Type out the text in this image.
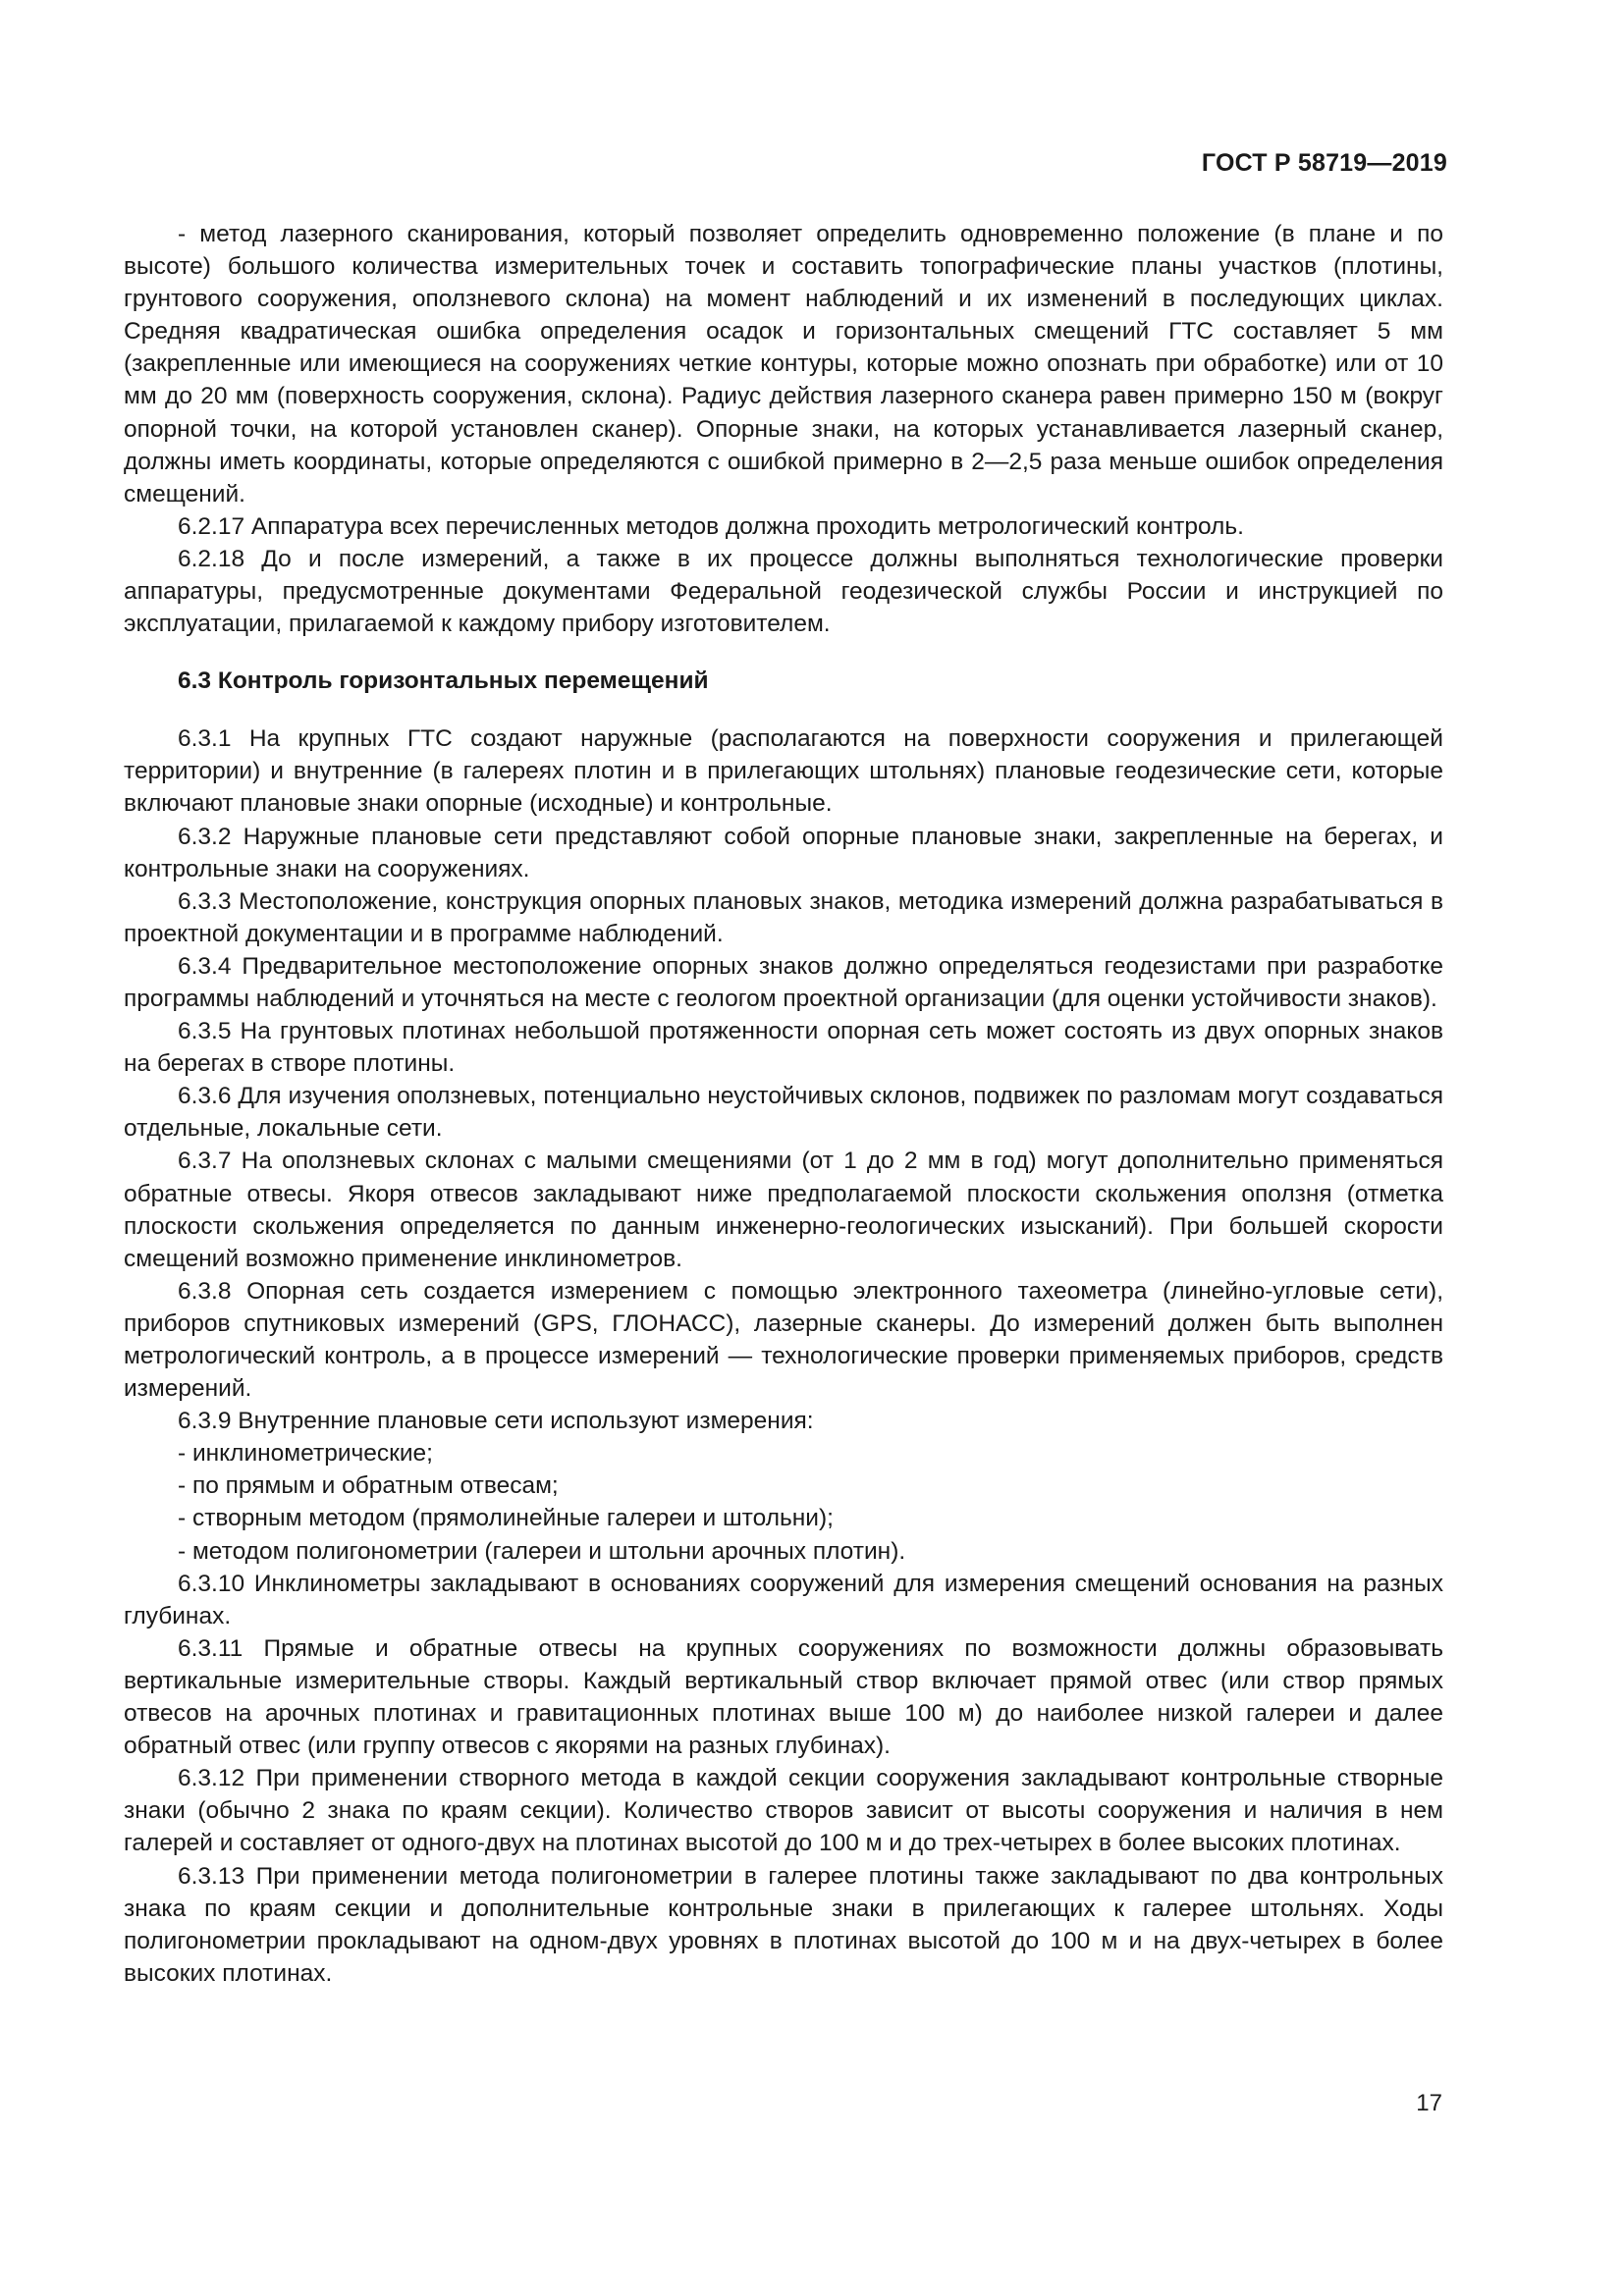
ГОСТ Р 58719—2019

- метод лазерного сканирования, который позволяет определить одновременно положение (в плане и по высоте) большого количества измерительных точек и составить топографические планы участков (плотины, грунтового сооружения, оползневого склона) на момент наблюдений и их изменений в последующих циклах. Средняя квадратическая ошибка определения осадок и горизонтальных смещений ГТС составляет 5 мм (закрепленные или имеющиеся на сооружениях четкие контуры, которые можно опознать при обработке) или от 10 мм до 20 мм (поверхность сооружения, склона). Радиус действия лазерного сканера равен примерно 150 м (вокруг опорной точки, на которой установлен сканер). Опорные знаки, на которых устанавливается лазерный сканер, должны иметь координаты, которые определяются с ошибкой примерно в 2—2,5 раза меньше ошибок определения смещений.

6.2.17 Аппаратура всех перечисленных методов должна проходить метрологический контроль.

6.2.18 До и после измерений, а также в их процессе должны выполняться технологические проверки аппаратуры, предусмотренные документами Федеральной геодезической службы России и инструкцией по эксплуатации, прилагаемой к каждому прибору изготовителем.

6.3 Контроль горизонтальных перемещений

6.3.1 На крупных ГТС создают наружные (располагаются на поверхности сооружения и прилегающей территории) и внутренние (в галереях плотин и в прилегающих штольнях) плановые геодезические сети, которые включают плановые знаки опорные (исходные) и контрольные.

6.3.2 Наружные плановые сети представляют собой опорные плановые знаки, закрепленные на берегах, и контрольные знаки на сооружениях.

6.3.3 Местоположение, конструкция опорных плановых знаков, методика измерений должна разрабатываться в проектной документации и в программе наблюдений.

6.3.4 Предварительное местоположение опорных знаков должно определяться геодезистами при разработке программы наблюдений и уточняться на месте с геологом проектной организации (для оценки устойчивости знаков).

6.3.5 На грунтовых плотинах небольшой протяженности опорная сеть может состоять из двух опорных знаков на берегах в створе плотины.

6.3.6 Для изучения оползневых, потенциально неустойчивых склонов, подвижек по разломам могут создаваться отдельные, локальные сети.

6.3.7 На оползневых склонах с малыми смещениями (от 1 до 2 мм в год) могут дополнительно применяться обратные отвесы. Якоря отвесов закладывают ниже предполагаемой плоскости скольжения оползня (отметка плоскости скольжения определяется по данным инженерно-геологических изысканий). При большей скорости смещений возможно применение инклинометров.

6.3.8 Опорная сеть создается измерением с помощью электронного тахеометра (линейно-угловые сети), приборов спутниковых измерений (GPS, ГЛОНАСС), лазерные сканеры. До измерений должен быть выполнен метрологический контроль, а в процессе измерений — технологические проверки применяемых приборов, средств измерений.

6.3.9 Внутренние плановые сети используют измерения:

- инклинометрические;

- по прямым и обратным отвесам;

- створным методом (прямолинейные галереи и штольни);

- методом полигонометрии (галереи и штольни арочных плотин).

6.3.10 Инклинометры закладывают в основаниях сооружений для измерения смещений основания на разных глубинах.

6.3.11 Прямые и обратные отвесы на крупных сооружениях по возможности должны образовывать вертикальные измерительные створы. Каждый вертикальный створ включает прямой отвес (или створ прямых отвесов на арочных плотинах и гравитационных плотинах выше 100 м) до наиболее низкой галереи и далее обратный отвес (или группу отвесов с якорями на разных глубинах).

6.3.12 При применении створного метода в каждой секции сооружения закладывают контрольные створные знаки (обычно 2 знака по краям секции). Количество створов зависит от высоты сооружения и наличия в нем галерей и составляет от одного-двух на плотинах высотой до 100 м и до трех-четырех в более высоких плотинах.

6.3.13 При применении метода полигонометрии в галерее плотины также закладывают по два контрольных знака по краям секции и дополнительные контрольные знаки в прилегающих к галерее штольнях. Ходы полигонометрии прокладывают на одном-двух уровнях в плотинах высотой до 100 м и на двух-четырех в более высоких плотинах.

17
